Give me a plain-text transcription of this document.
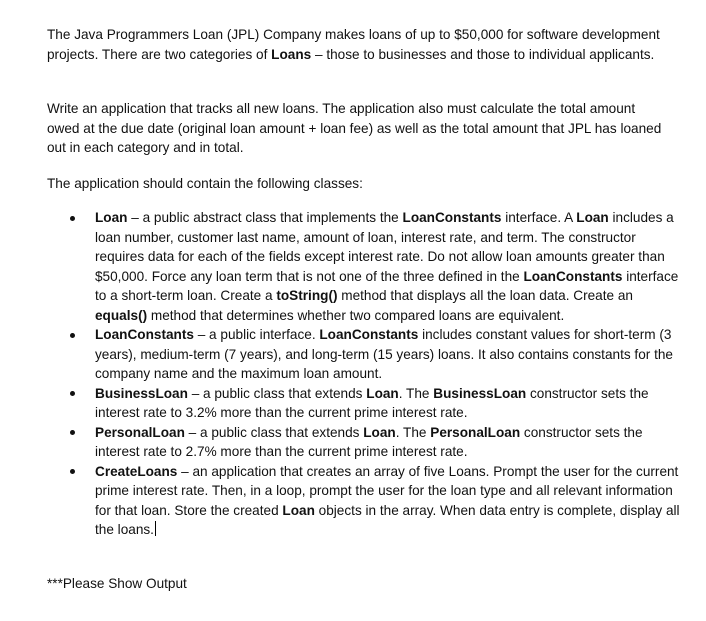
The Java Programmers Loan (JPL) Company makes loans of up to $50,000 for software development projects. There are two categories of Loans – those to businesses and those to individual applicants.

Write an application that tracks all new loans. The application also must calculate the total amount owed at the due date (original loan amount + loan fee) as well as the total amount that JPL has loaned out in each category and in total.

The application should contain the following classes:

Loan – a public abstract class that implements the LoanConstants interface. A Loan includes a loan number, customer last name, amount of loan, interest rate, and term. The constructor requires data for each of the fields except interest rate. Do not allow loan amounts greater than $50,000. Force any loan term that is not one of the three defined in the LoanConstants interface to a short-term loan. Create a toString() method that displays all the loan data. Create an equals() method that determines whether two compared loans are equivalent.
LoanConstants – a public interface. LoanConstants includes constant values for short-term (3 years), medium-term (7 years), and long-term (15 years) loans. It also contains constants for the company name and the maximum loan amount.
BusinessLoan – a public class that extends Loan. The BusinessLoan constructor sets the interest rate to 3.2% more than the current prime interest rate.
PersonalLoan – a public class that extends Loan. The PersonalLoan constructor sets the interest rate to 2.7% more than the current prime interest rate.
CreateLoans – an application that creates an array of five Loans. Prompt the user for the current prime interest rate. Then, in a loop, prompt the user for the loan type and all relevant information for that loan. Store the created Loan objects in the array. When data entry is complete, display all the loans.

***Please Show Output
